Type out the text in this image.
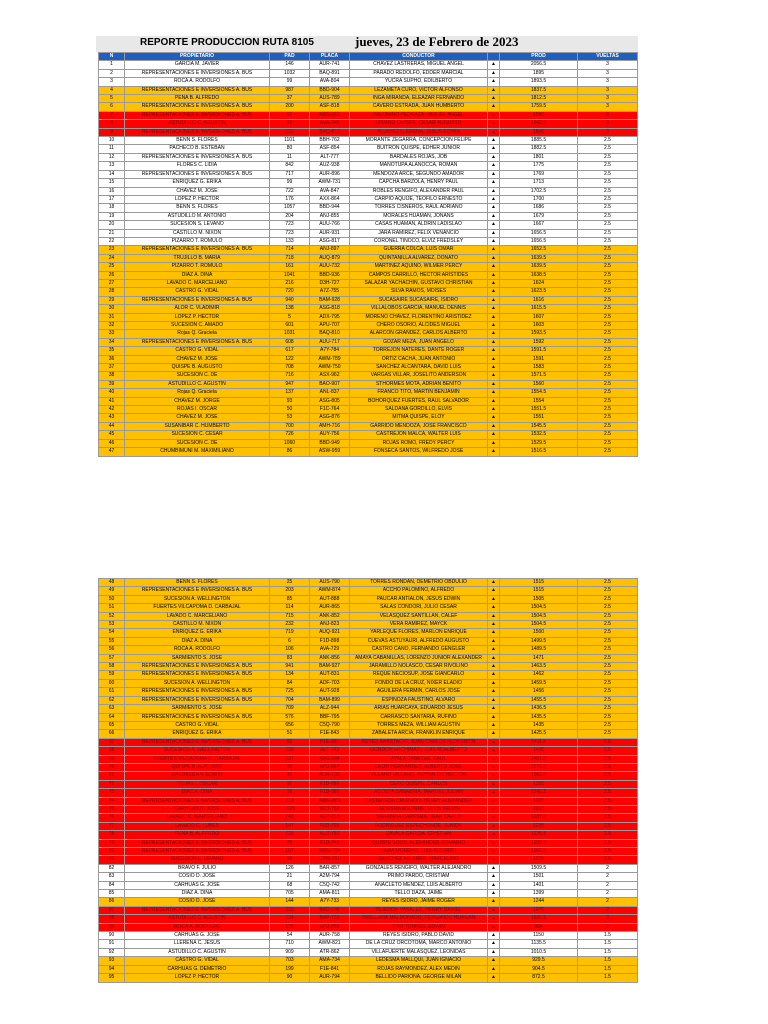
REPORTE PRODUCCION RUTA 8105	jueves, 23 de Febrero de 2023
N	PROPIETARIO	PAD	PLACA	CONDUCTOR		PROD	VUELTAS
1	GARCIA M. JAVIER	146	AUR-741	CHAVEZ LASTRERAS, MIGUEL ANGEL	▲	2056.5	3
2	REPRESENTACIONES E INVERSIONES A. BUS	1032	BAQ-891	PARADO REDOLFO, EDDER MARCIAL	▲	1895	3
3	ROCA A. RODOLFO	99	AVA-804	YUCRA SUPHO, EDILBERTO	▲	1893.5	3
4	REPRESENTACIONES E INVERSIONES A. BUS	987	BBD-904	LEZAMETA CURO, VICTOR ALFONSO	▲	1837.5	3
5	PEÑA B. ALFREDO	37	AUS-789	INGA MIRANDA, ELEAZAR FERNANDO	▲	1812.5	3
6	REPRESENTACIONES E INVERSIONES A. BUS	200	ASF-818	CAVERO ESTRADA, JUAN HUMBERTO	▲	1759.5	3
7	REPRESENTACIONES E INVERSIONES A. BUS	57	AWM-901	PALOMINO PEDRAZA, MIGUEL ANGEL	▲	1580	3
8	ASTUDILLO C. AGUSTIN	15	AVA-749	LEVANO QUISPE, CESAR AUGUSTO	▲	1542.5	3
9	REPRESENTACIONES E INVERSIONES A. BUS	1011	BAQ-810	ALVAREZ LLERENA, JESUS EDWIN	▲	1506	3
10	BENN S. FLORES	1101	BBH-762	MORANTE ZEGARRA, CONCEPCION FELIPE	▲	1885.5	2.5
11	PACHECO B. ESTEBAN	80	ASF-854	BUITRON QUISPE, EDHER JUNIOR	▲	1882.5	2.5
12	REPRESENTACIONES E INVERSIONES A. BUS	11	ALT-777	BARDALES ROJAS, JOB	▲	1801	2.5
13	FLORES C. LIDIA	842	AUZ-938	MANOTUPA ALANOCCA, ROMAN	▲	1775	2.5
14	REPRESENTACIONES E INVERSIONES A. BUS	717	AUR-896	MENDOZA ARCE, SEGUNDO AMADOR	▲	1769	2.5
15	ENRIQUEZ G. ERIKA	99	AWM-731	CAPCHA BARZOLA, HENRY PAUL	▲	1713	2.5
16	CHAVEZ M. JOSE	722	AVA-847	ROBLES RENGIFO, ALEXANDER PAUL	▲	1702.5	2.5
17	LOPEZ P. HECTOR	176	AXX-864	CARPIO AQUIJE, TEOFILO ERNESTO	▲	1700	2.5
18	BENN S. FLORES	1057	BBD-944	TORRES CISNEROS, RAUL ADRIANO	▲	1686	2.5
19	ASTUDILLO M. ANTONIO	204	ANJ-855	MORALES HUAMAN, JONANS	▲	1679	2.5
20	SUCESION S. LEVANO	723	AUU-766	CASAS HUAMAN, ALDRIN LADISLAO	▲	1667	2.5
21	CASTILLO M. NIXON	723	AUR-931	JARA RAMIREZ, FELIX VENANCIO	▲	1656.5	2.5
22	PIZARRO T. ROMULO	133	ASG-817	CORONEL TINOCO, ELVIZ FREDSLEY	▲	1656.5	2.5
23	REPRESENTACIONES E INVERSIONES A. BUS	714	ANJ-897	GUERRA COLCA, LUIS OMAR	▲	1652.5	2.5
24	TRUJILLO B. MARIA	718	AUQ-879	QUINTANILLA ALVAREZ, DONATO	▲	1639.5	2.5
25	PIZARRO T. ROMULO	161	AUU-732	MARTINEZ AQUINO, WILMER PERCY	▲	1639.5	2.5
26	DIAZ A. DINA	1041	BBD-936	CAMPOS CARRILLO, HECTOR ARISTIDES	▲	1638.5	2.5
27	LAVADO C. MARCELIANO	216	D3H-727	SALAZAR YACHACHIN, GUSTAVO CHRISTIAN	▲	1624	2.5
28	CASTRO G. VIDAL	720	A7Z-755	SILVA RAMOS, MOISES	▲	1623.5	2.5
29	REPRESENTACIONES E INVERSIONES A. BUS	940	BAM-928	SUCASAIRE SUCASAIRE, ISIDRO	▲	1616	2.5
30	ALOR C. VLADIMIR	138	ASG-818	VILLALOBOS GARCIA, MANUEL DENNIS	▲	1615.5	2.5
31	LOPEZ P. HECTOR	5	ADX-795	MORENO CHAVEZ, FLORENTINO ARISTIDEZ	▲	1607	2.5
32	SUCESION C. AMADO	601	APU-707	CHERO OSORIO, ALCIDES MIGUEL	▲	1603	2.5
33	Rojas Q. Graciela	1031	BAQ-810	ALARCON GRANDEZ, CARLOS ALBERTO	▲	1593.5	2.5
34	REPRESENTACIONES E INVERSIONES A. BUS	608	AUU-717	GOZAR MEZA, JUAN ANGELO	▲	1592	2.5
35	CASTRO G. VIDAL	617	A7Y-784	TORREJON NATERES, DANTE ROGER	▲	1591.5	2.5
36	CHAVEZ M. JOSE	122	AWM-789	ORTIZ CACHA, JUAN ANTONIO	▲	1591	2.5
37	QUISPE B. AUGUSTO	708	AWM-750	SANCHEZ ALCANTARA, DAVID LUIS	▲	1583	2.5
38	SUCESION C. DE	716	ASX-962	VARGAS VILLAR, JOSELITO ANDERSON	▲	1571.5	2.5
39	ASTUDILLO C. AGUSTIN	947	BAO-907	STHORMES MOTA, ADRIAN BENITO	▲	1560	2.5
40	Rojas Q. Graciela	137	ANL-837	FRANCO TITO, MARTIN BENJAMIN	▲	1554.5	2.5
41	CHAVEZ M. JORGE	93	ASG-805	BOHORQUEZ FUERTES, RAUL SALVADOR	▲	1554	2.5
42	ROJAS I. OSCAR	50	F1C-764	SALDAÑA GORDILLO, ELVIS	▲	1551.5	2.5
43	CHAVEZ M. JOSE	53	ASG-876	MITMA QUISPE, ELOY	▲	1551	2.5
44	SUSANIBAR C. HUMBERTO	700	AMH-716	GARRIDO MENDOZA, JOSE FRANCISCO	▲	1545.5	2.5
45	SUCESION C. CESAR	726	AUY-756	CASTREJON MALCA, WALTER LUIS	▲	1532.5	2.5
46	SUCESION C. DE	1060	BBD-949	ROJAS ROMO, FREDY PERCY	▲	1529.5	2.5
47	CHUMBIMUNI M. MAXIMILIANO	86	ASW-959	FONSECA SANTOS, WILFREDO JOSE	▲	1516.5	2.5
48	BENN S. FLORES	25	AUS-790	TORRES RONDAN, DEMETRIO OBDULIO	▲	1515	2.5
49	REPRESENTACIONES E INVERSIONES A. BUS	203	AWM-874	ACCHO PALOMINO, ALFREDO	▲	1515	2.5
50	SUCESION A. WELLINGTON	85	AUT-888	PAUCAR ANTIALON, JESUS EDWIN	▲	1505	2.5
51	FUERTES VILCAPOMA D. CARBAJAL	114	AUR-865	SALAS CONDORI, JULIO CESAR	▲	1504.5	2.5
52	LAVADO C. MARCELIANO	715	ANK-852	VELASQUEZ SANTILLAN, CALEF	▲	1504.5	2.5
53	CASTILLO M. NIXON	232	ANJ-823	VERA RAMIREZ, MAYCK	▲	1504.5	2.5
54	ENRIQUEZ G. ERIKA	719	AUQ-921	YARLEQUE FLORES, MARLON ENRIQUE	▲	1500	2.5
55	DIAZ A. DINA	6	F1D-898	CUEVAS ASTUYAURI, ALFREDO AUGUSTO	▲	1499.5	2.5
56	ROCA A. RODOLFO	106	AVA-729	CASTRO CANO, FERNANDO GENGLER	▲	1489.5	2.5
57	SARMIENTO S. JOSE	83	ANK-856	AMAYA CABANILLAS, LORENZO JUNIOR ALEXANDER	▲	1471	2.5
58	REPRESENTACIONES E INVERSIONES A. BUS	941	BAM-927	JARAMILLO NOLASCO, CESAR RIVOLINO	▲	1463.5	2.5
59	REPRESENTACIONES E INVERSIONES A. BUS	134	AUT-831	REQUE NECIOSUP, JOSE GIANCARLO	▲	1462	2.5
60	SUCESION A. WELLINGTON	84	ADF-703	FONDO DE LA CRUZ, NIXER ELADIO	▲	1459.5	2.5
61	REPRESENTACIONES E INVERSIONES A. BUS	725	AUT-928	AGUILERA FERMIN, CARLOS JOSE	▲	1456	2.5
62	REPRESENTACIONES E INVERSIONES A. BUS	704	BAM-899	ESPINOZA FAUSTINO, ALVARO	▲	1455.5	2.5
63	SARMIENTO S. JOSE	709	ALZ-944	ARIAS HUARCAYA, EDUARDO JESUS	▲	1436.5	2.5
64	REPRESENTACIONES E INVERSIONES A. BUS	576	BBF-795	CARRASCO SANTARIA, RUFINO	▲	1435.5	2.5
65	CASTRO G. VIDAL	656	C5Q-790	TORRES MEZA, WILLIAM AGUSTIN	▲	1435	2.5
66	ENRIQUEZ G. ERIKA	51	F1E-843	ZABALETA ARCIA, FRANKLIN ENRIQUE	▲	1425.5	2.5
67	REPRESENTACIONES E INVERSIONES A. BUS	82	F1E-861	REYES ANASTACIO, JUAN CARLOS FLORENTIN	▲	1411.5	2.5
68	SUCESION A. WELLINGTON	732	AVT-743	GORDON ARCHIMARI, LUIS ADALBERTO	▲	1406	2.5
69	FUERTES VILCAPOMA D. CARBAJAL	237	ANS-944	AYALA CABEZAS, SAUL	▲	1401.5	2.5
70	QUISPE B. AUGUSTO	80	ANJ-867	LEON HERNANDEZ, ALBERTO JOSE	▲	1379.5	2.5
71	ARCINIEGA V. EDWIN	40	AUR-739	VILLANO VILLANO, REYNALDO HECTOR	▲	1362.5	2.5
72	ROJAS I. OSCAR	97	F1D-860	CERO QUISPE, CARLOS	▲	1355	2.5
73	DIAZ A. DINA	96	F1D-865	ACOSTA SANABRIA, MANUEL JULIAN	▲	1342.5	2.5
74	REPRESENTACIONES E INVERSIONES A. BUS	717	AWM-863	CASTANEDA CRUZADO, HENRY ALEXANDER	▲	1320	2.5
75	CARHUAS G. JOSE	1075	BOT-768	LEDESMA AGUIRRE, ELVIS KELVIN	▲	1310	2.5
76	LAVADO C. MARCELIANO	742	AUZ-818	SANABRIA CARRERA, JEAN CARLO	▲	1287.5	2.5
77	LAVADO C. LUBES	147	F5D-768	RODRIGUEZ ESPECHONDE, JUNIOR	▲	1235	2.5
78	PEÑA B. ALFREDO	739	AUZ-757	ZAVALA GARCIA, CRISTIAN	▲	1225.5	2.5
79	REPRESENTACIONES E INVERSIONES A. BUS	75	F1D-743	QUISPE SOLIS, ALEXANDER ROMARIO	▲	1208.5	2.5
80	REPRESENTACIONES E INVERSIONES A. BUS	167	AWM-754	LAMA MORENO, LUIS ALBERTO	▲	1162.5	2.5
81	SUCESION L. LEVANO	66	CBM-751	SANCHEZ AGUIRRE, MARCELINO	▲	1128	2.5
82	BRAVO F. JULIO	126	BAR-857	GONZALES RENGIFO, WALTER ALEJANDRO	▲	1509.5	2
83	COSIO D. JOSE	21	A2M-794	PRIMO PARDO, CRISTIAM	▲	1501	2
84	CARHUAS G. JOSE	68	C5Q-742	ANACLETO MENDEZ, LUIS ALBERTO	▲	1401	2
85	DIAZ A. DINA	705	AMA-811	TELLO DAZA, JAIME	▲	1399	2
86	COSIO D. JOSE	144	A7Y-733	REYES ISIDRO, JAIME ROGER	▲	1244	2
87	REPRESENTACIONES E INVERSIONES A. BUS	233	BBD-946	TEJEDOR VASALLO, HENRY DANIEL	▲	1075	2
88	ASTUDILLO C. AGUSTIN	734	BAP-735	ORELLANA MALDONADO, FERNANDO HUAMAN	▲	1020.5	2
89	ROCA A. RODOLFO	126	ANJ-858	TITO TORRES, EDWIN	▲	994	2
90	CARHUAS G. JOSE	54	AUR-758	REYES ISIDRO, PABLO DAVID	▲	1150	1.5
91	LLERENA C. JESUS	710	AWM-821	DE LA CRUZ ORCOTOMA, MARCO ANTONIO	▲	1135.5	1.5
92	ASTUDILLO C. AGUSTIN	909	ATR-862	VILLAFUERTE MALASQUEZ, LEONIDAS	▲	1010.5	1.5
93	CASTRO G. VIDAL	703	AMA-734	LEDESMA MALLQUI, JUAN IGNACIO	▲	929.5	1.5
94	CARHUAS G. DEMETRIO	199	F1E-841	ROJAS RAYMONDEZ, ALEX MEDIN	▲	904.5	1.5
95	LOPEZ P. HECTOR	90	AUR-794	BELLIDO PARIONA, GEORGE MILAN	▲	872.5	1.5
